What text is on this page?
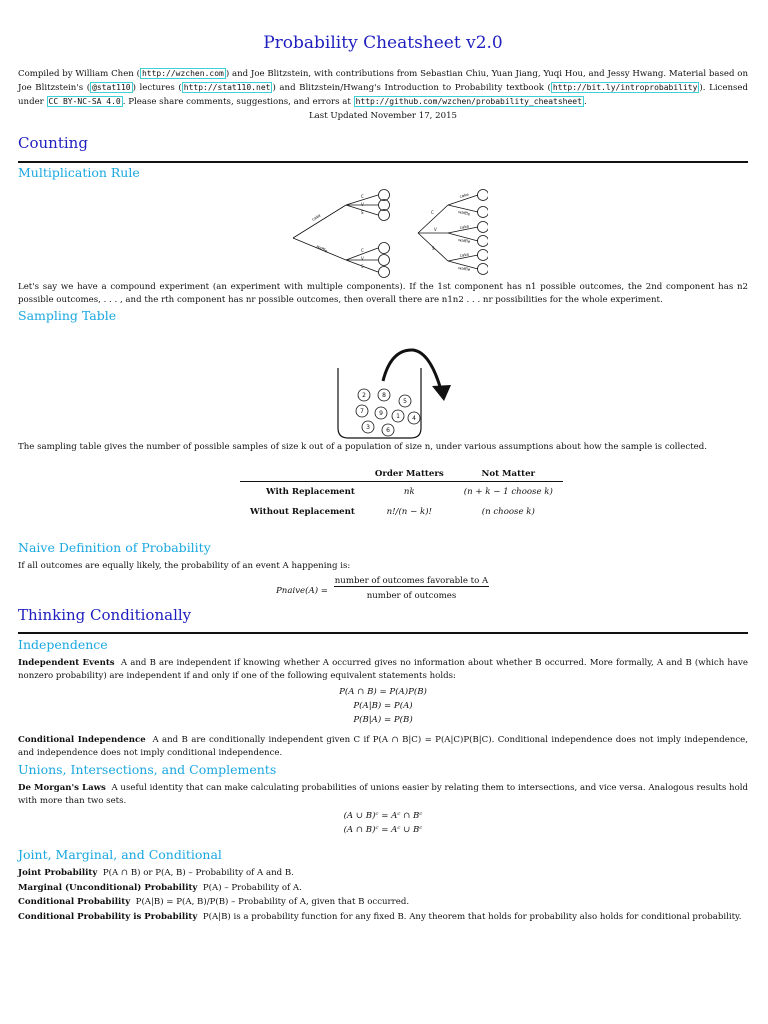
Probability Cheatsheet v2.0
Compiled by William Chen ( http://wzchen.com ) and Joe Blitzstein, with contributions from Sebastian Chiu, Yuan Jiang, Yuqi Hou, and Jessy Hwang. Material based on Joe Blitzstein's ( @stat110 ) lectures ( http://stat110.net ) and Blitzstein/Hwang's Introduction to Probability textbook ( http://bit.ly/introprobability ). Licensed under CC BY-NC-SA 4.0 . Please share comments, suggestions, and errors at http://github.com/wzchen/probability_cheatsheet .
Last Updated November 17, 2015
Counting
Multiplication Rule
cake
waffle
C
V
S
C
V
S
C
V
S
cake
waffle
cake
waffle
cake
waffle
Let's say we have a compound experiment (an experiment with multiple components). If the 1st component has n1 possible outcomes, the 2nd component has n2 possible outcomes, . . . , and the rth component has nr possible outcomes, then overall there are n1n2 . . . nr possibilities for the whole experiment.
Sampling Table
2	8
5
7	9 1 4
3	6
The sampling table gives the number of possible samples of size k out of a population of size n, under various assumptions about how the sample is collected.
	Order Matters	Not Matter
With Replacement	nk	(n + k − 1 choose k)
Without Replacement	n!/(n − k)!	(n choose k)
Naive Definition of Probability
If all outcomes are equally likely, the probability of an event A happening is:
Pnaive(A) =
number of outcomes favorable to A
number of outcomes
Thinking Conditionally
Independence
Independent Events A and B are independent if knowing whether A occurred gives no information about whether B occurred. More formally, A and B (which have nonzero probability) are independent if and only if one of the following equivalent statements holds:
P(A ∩ B) = P(A)P(B)
P(A|B) = P(A)
P(B|A) = P(B)
Conditional Independence A and B are conditionally independent given C if P(A ∩ B|C) = P(A|C)P(B|C). Conditional independence does not imply independence, and independence does not imply conditional independence.
Unions, Intersections, and Complements
De Morgan's Laws A useful identity that can make calculating probabilities of unions easier by relating them to intersections, and vice versa. Analogous results hold with more than two sets.
(A ∪ B)ᶜ = Aᶜ ∩ Bᶜ
(A ∩ B)ᶜ = Aᶜ ∪ Bᶜ
Joint, Marginal, and Conditional
Joint Probability P(A ∩ B) or P(A, B) – Probability of A and B.
Marginal (Unconditional) Probability P(A) – Probability of A.
Conditional Probability P(A|B) = P(A, B)/P(B) – Probability of A, given that B occurred.
Conditional Probability is Probability P(A|B) is a probability function for any fixed B. Any theorem that holds for probability also holds for conditional probability.
